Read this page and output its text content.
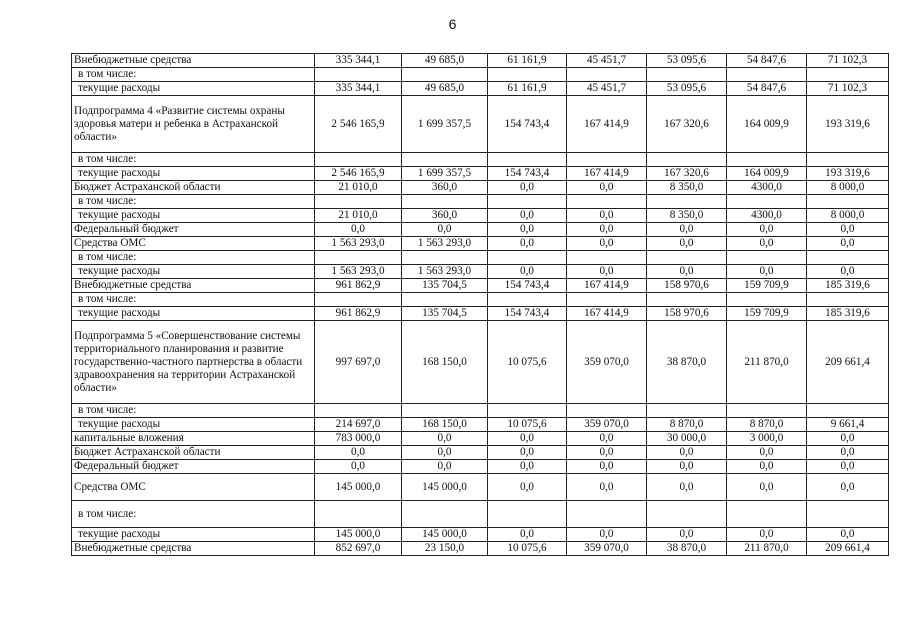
6
Внебюджетные средства	335 344,1	49 685,0	61 161,9	45 451,7	53 095,6	54 847,6	71 102,3
в том числе:							
текущие расходы	335 344,1	49 685,0	61 161,9	45 451,7	53 095,6	54 847,6	71 102,3
Подпрограмма 4 «Развитие системы охраны здоровья матери и ребенка в Астраханской области»	2 546 165,9	1 699 357,5	154 743,4	167 414,9	167 320,6	164 009,9	193 319,6
в том числе:							
текущие расходы	2 546 165,9	1 699 357,5	154 743,4	167 414,9	167 320,6	164 009,9	193 319,6
Бюджет Астраханской области	21 010,0	360,0	0,0	0,0	8 350,0	4300,0	8 000,0
в том числе:							
текущие расходы	21 010,0	360,0	0,0	0,0	8 350,0	4300,0	8 000,0
Федеральный бюджет	0,0	0,0	0,0	0,0	0,0	0,0	0,0
Средства ОМС	1 563 293,0	1 563 293,0	0,0	0,0	0,0	0,0	0,0
в том числе:							
текущие расходы	1 563 293,0	1 563 293,0	0,0	0,0	0,0	0,0	0,0
Внебюджетные средства	961 862,9	135 704,5	154 743,4	167 414,9	158 970,6	159 709,9	185 319,6
в том числе:							
текущие расходы	961 862,9	135 704,5	154 743,4	167 414,9	158 970,6	159 709,9	185 319,6
Подпрограмма 5 «Совершенствование системы территориального планирования и развитие государственно-частного партнерства в области здравоохранения на территории Астраханской области»	997 697,0	168 150,0	10 075,6	359 070,0	38 870,0	211 870,0	209 661,4
в том числе:							
текущие расходы	214 697,0	168 150,0	10 075,6	359 070,0	8 870,0	8 870,0	9 661,4
капитальные вложения	783 000,0	0,0	0,0	0,0	30 000,0	3 000,0	0,0
Бюджет Астраханской области	0,0	0,0	0,0	0,0	0,0	0,0	0,0
Федеральный бюджет	0,0	0,0	0,0	0,0	0,0	0,0	0,0
Средства ОМС	145 000,0	145 000,0	0,0	0,0	0,0	0,0	0,0
в том числе:							
текущие расходы	145 000,0	145 000,0	0,0	0,0	0,0	0,0	0,0
Внебюджетные средства	852 697,0	23 150,0	10 075,6	359 070,0	38 870,0	211 870,0	209 661,4
